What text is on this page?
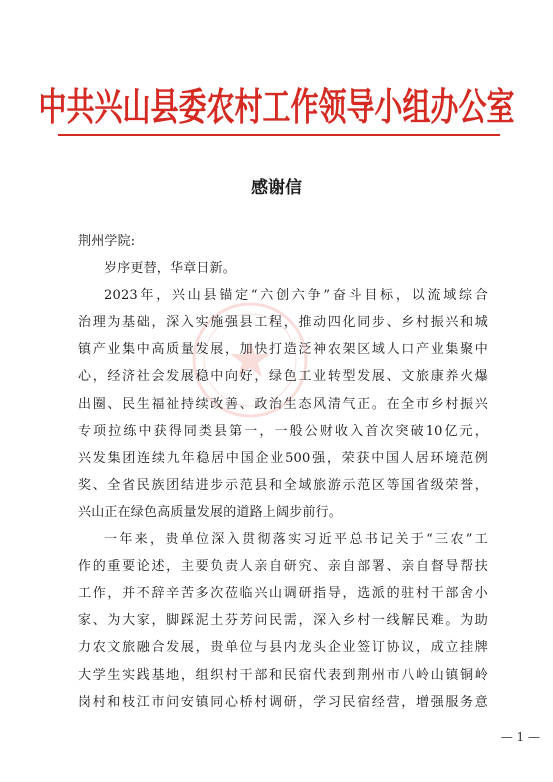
中共兴山县委农村工作领导小组办公室
感谢信
荆州学院:
岁序更替，华章日新。
2023年，兴山县锚定“六创六争”奋斗目标，以流域综合
治理为基础，深入实施强县工程，推动四化同步、乡村振兴和城
镇产业集中高质量发展，加快打造泛神农架区域人口产业集聚中
心，经济社会发展稳中向好，绿色工业转型发展、文旅康养火爆
出圈、民生福祉持续改善、政治生态风清气正。在全市乡村振兴
专项拉练中获得同类县第一，一般公财收入首次突破10亿元，
兴发集团连续九年稳居中国企业500强，荣获中国人居环境范例
奖、全省民族团结进步示范县和全域旅游示范区等国省级荣誉，
兴山正在绿色高质量发展的道路上阔步前行。
一年来，贵单位深入贯彻落实习近平总书记关于“三农”工
作的重要论述，主要负责人亲自研究、亲自部署、亲自督导帮扶
工作，并不辞辛苦多次莅临兴山调研指导，选派的驻村干部舍小
家、为大家，脚踩泥土芬芳问民需，深入乡村一线解民难。为助
力农文旅融合发展，贵单位与县内龙头企业签订协议，成立挂牌
大学生实践基地，组织村干部和民宿代表到荆州市八岭山镇铜岭
岗村和枝江市问安镇同心桥村调研，学习民宿经营，增强服务意
— 1 —
